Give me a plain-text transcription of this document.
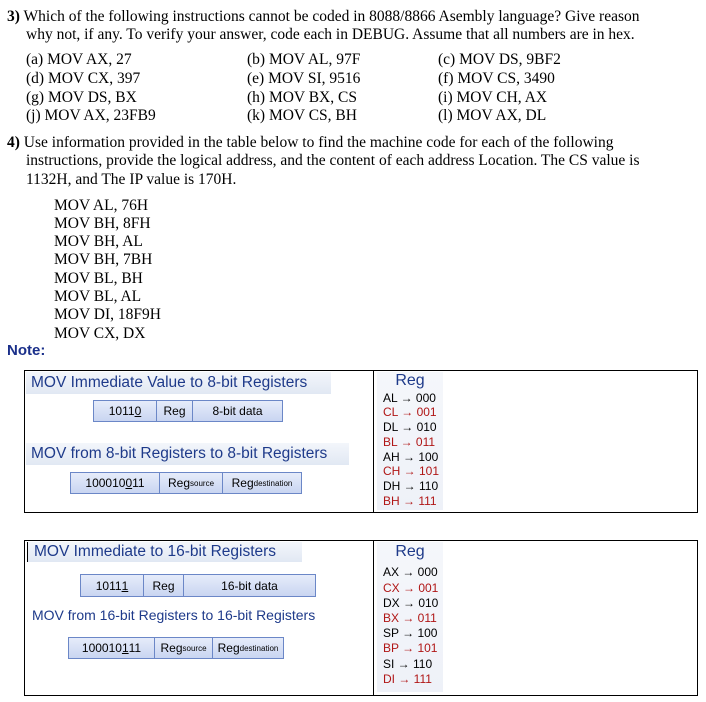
3) Which of the following instructions cannot be coded in 8088/8866 Asembly language? Give reason
why not, if any. To verify your answer, code each in DEBUG. Assume that all numbers are in hex.
(a) MOV AX, 27	(b) MOV AL, 97F	(c) MOV DS, 9BF2
(d) MOV CX, 397	(e) MOV SI, 9516	(f) MOV CS, 3490
(g) MOV DS, BX	(h) MOV BX, CS	(i) MOV CH, AX
(j) MOV AX, 23FB9	(k) MOV CS, BH	(l) MOV AX, DL
4) Use information provided in the table below to find the machine code for each of the following
instructions, provide the logical address, and the content of each address Location. The CS value is
1132H, and The IP value is 170H.
MOV AL, 76H
MOV BH, 8FH
MOV BH, AL
MOV BH, 7BH
MOV BL, BH
MOV BL, AL
MOV DI, 18F9H
MOV CX, DX
Note:
MOV Immediate Value to 8-bit Registers
1011 0	Reg	8-bit data
MOV from 8-bit Registers to 8-bit Registers
100010 0 11 Reg source Reg destination
Reg
AL → 000
CL → 001
DL → 010
BL → 011
AH → 100
CH → 101
DH → 110
BH → 111
MOV Immediate to 16-bit Registers
1011 1	Reg	16-bit data
MOV from 16-bit Registers to 16-bit Registers
100010 1 11 Reg source Reg destination
Reg
AX → 000
CX → 001
DX → 010
BX → 011
SP → 100
BP → 101
SI → 110
DI → 111
